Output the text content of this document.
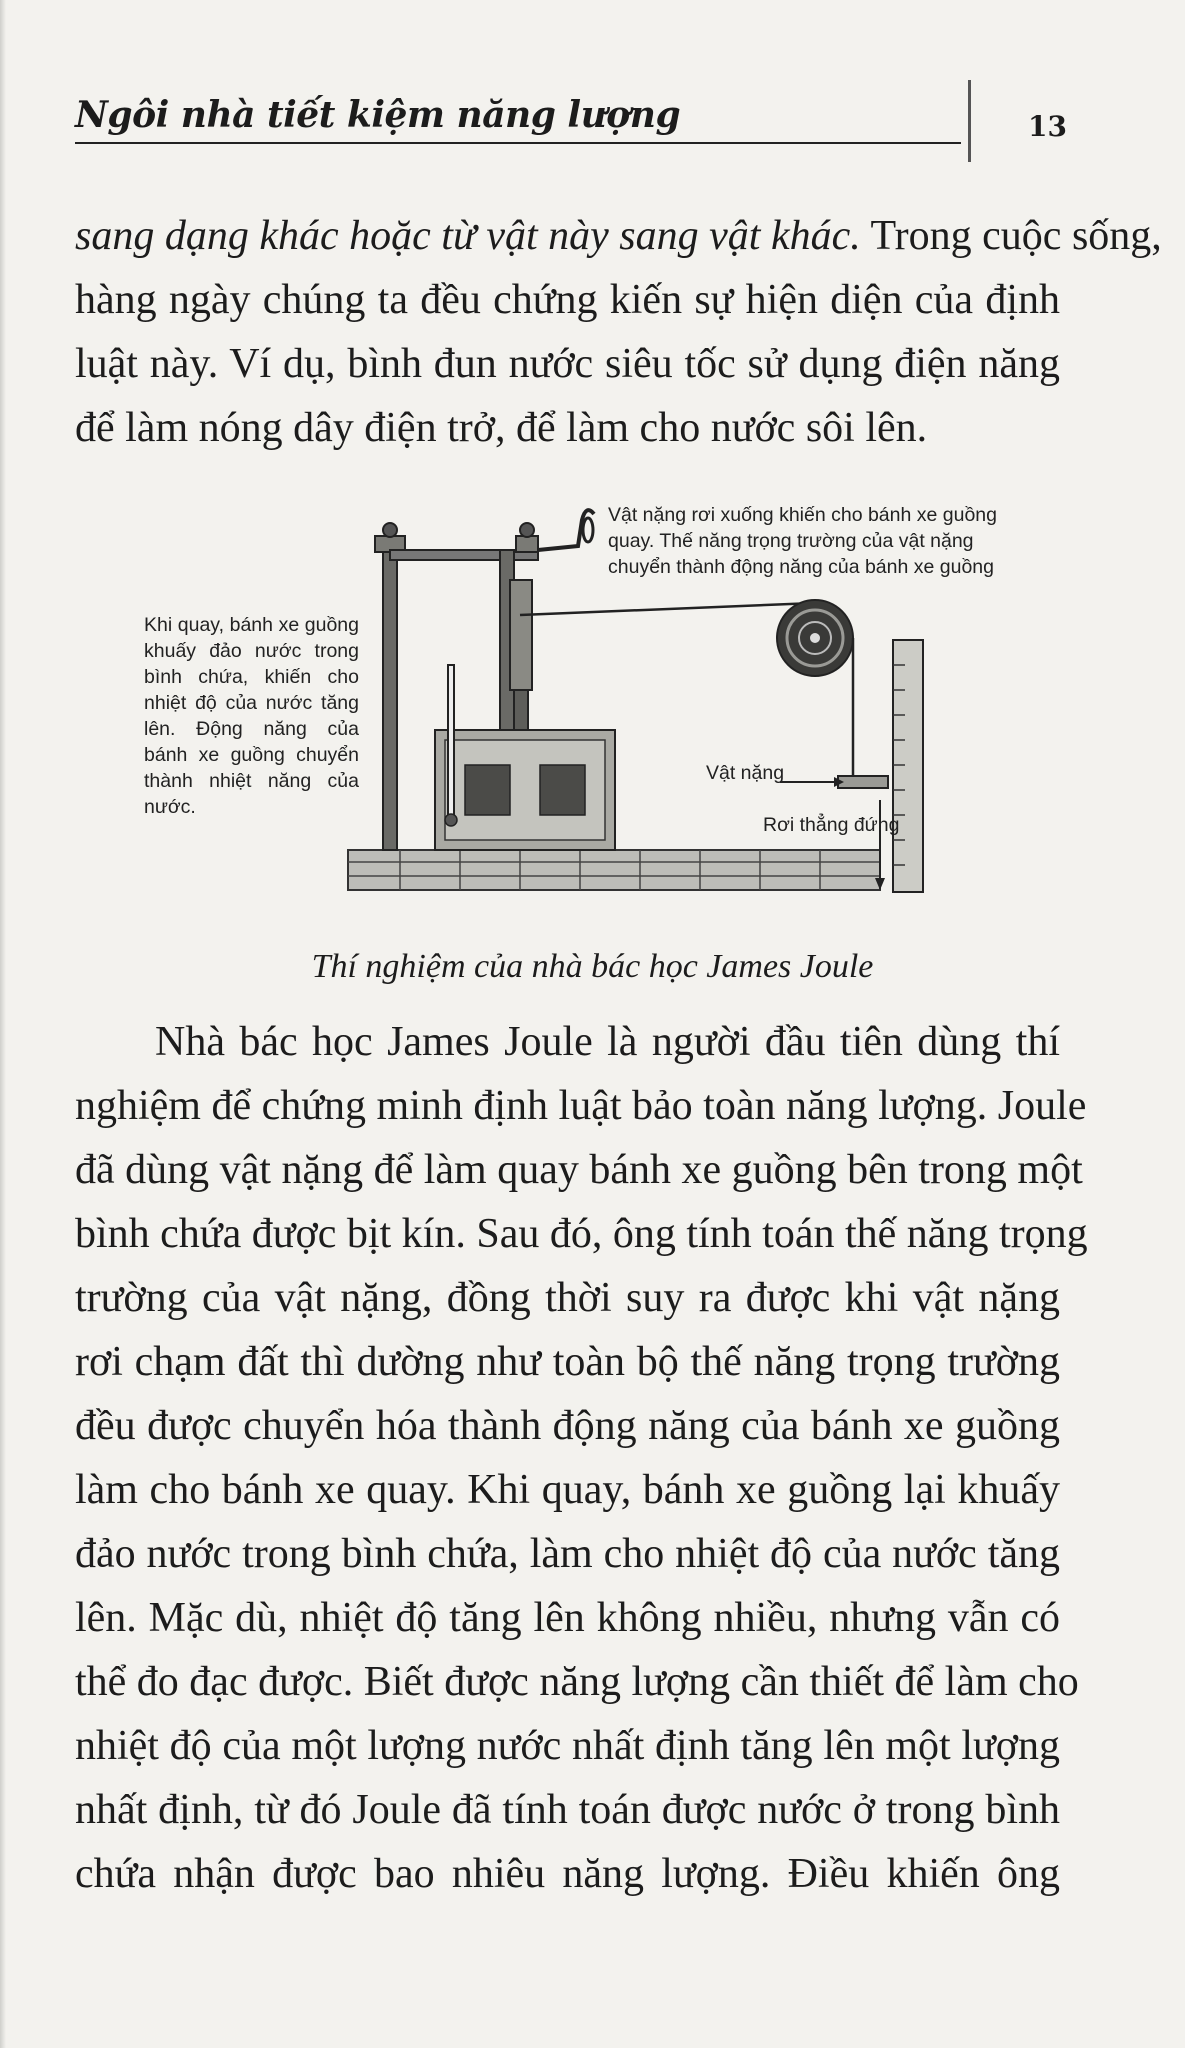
Ngôi nhà tiết kiệm năng lượng	13
sang dạng khác hoặc từ vật này sang vật khác. Trong cuộc sống,
hàng ngày chúng ta đều chứng kiến sự hiện diện của định
luật này. Ví dụ, bình đun nước siêu tốc sử dụng điện năng
để làm nóng dây điện trở, để làm cho nước sôi lên.
Vật nặng rơi xuống khiến cho bánh xe guồng quay. Thế năng trọng trường của vật nặng chuyển thành động năng của bánh xe guồng
Khi quay, bánh xe guồng khuấy đảo nước trong bình chứa, khiến cho nhiệt độ của nước tăng lên. Động năng của bánh xe guồng chuyển thành nhiệt năng của nước.
Vật nặng
Rơi thẳng đứng
Thí nghiệm của nhà bác học James Joule
Nhà bác học James Joule là người đầu tiên dùng thí
nghiệm để chứng minh định luật bảo toàn năng lượng. Joule
đã dùng vật nặng để làm quay bánh xe guồng bên trong một
bình chứa được bịt kín. Sau đó, ông tính toán thế năng trọng
trường của vật nặng, đồng thời suy ra được khi vật nặng
rơi chạm đất thì dường như toàn bộ thế năng trọng trường
đều được chuyển hóa thành động năng của bánh xe guồng
làm cho bánh xe quay. Khi quay, bánh xe guồng lại khuấy
đảo nước trong bình chứa, làm cho nhiệt độ của nước tăng
lên. Mặc dù, nhiệt độ tăng lên không nhiều, nhưng vẫn có
thể đo đạc được. Biết được năng lượng cần thiết để làm cho
nhiệt độ của một lượng nước nhất định tăng lên một lượng
nhất định, từ đó Joule đã tính toán được nước ở trong bình
chứa nhận được bao nhiêu năng lượng. Điều khiến ông
